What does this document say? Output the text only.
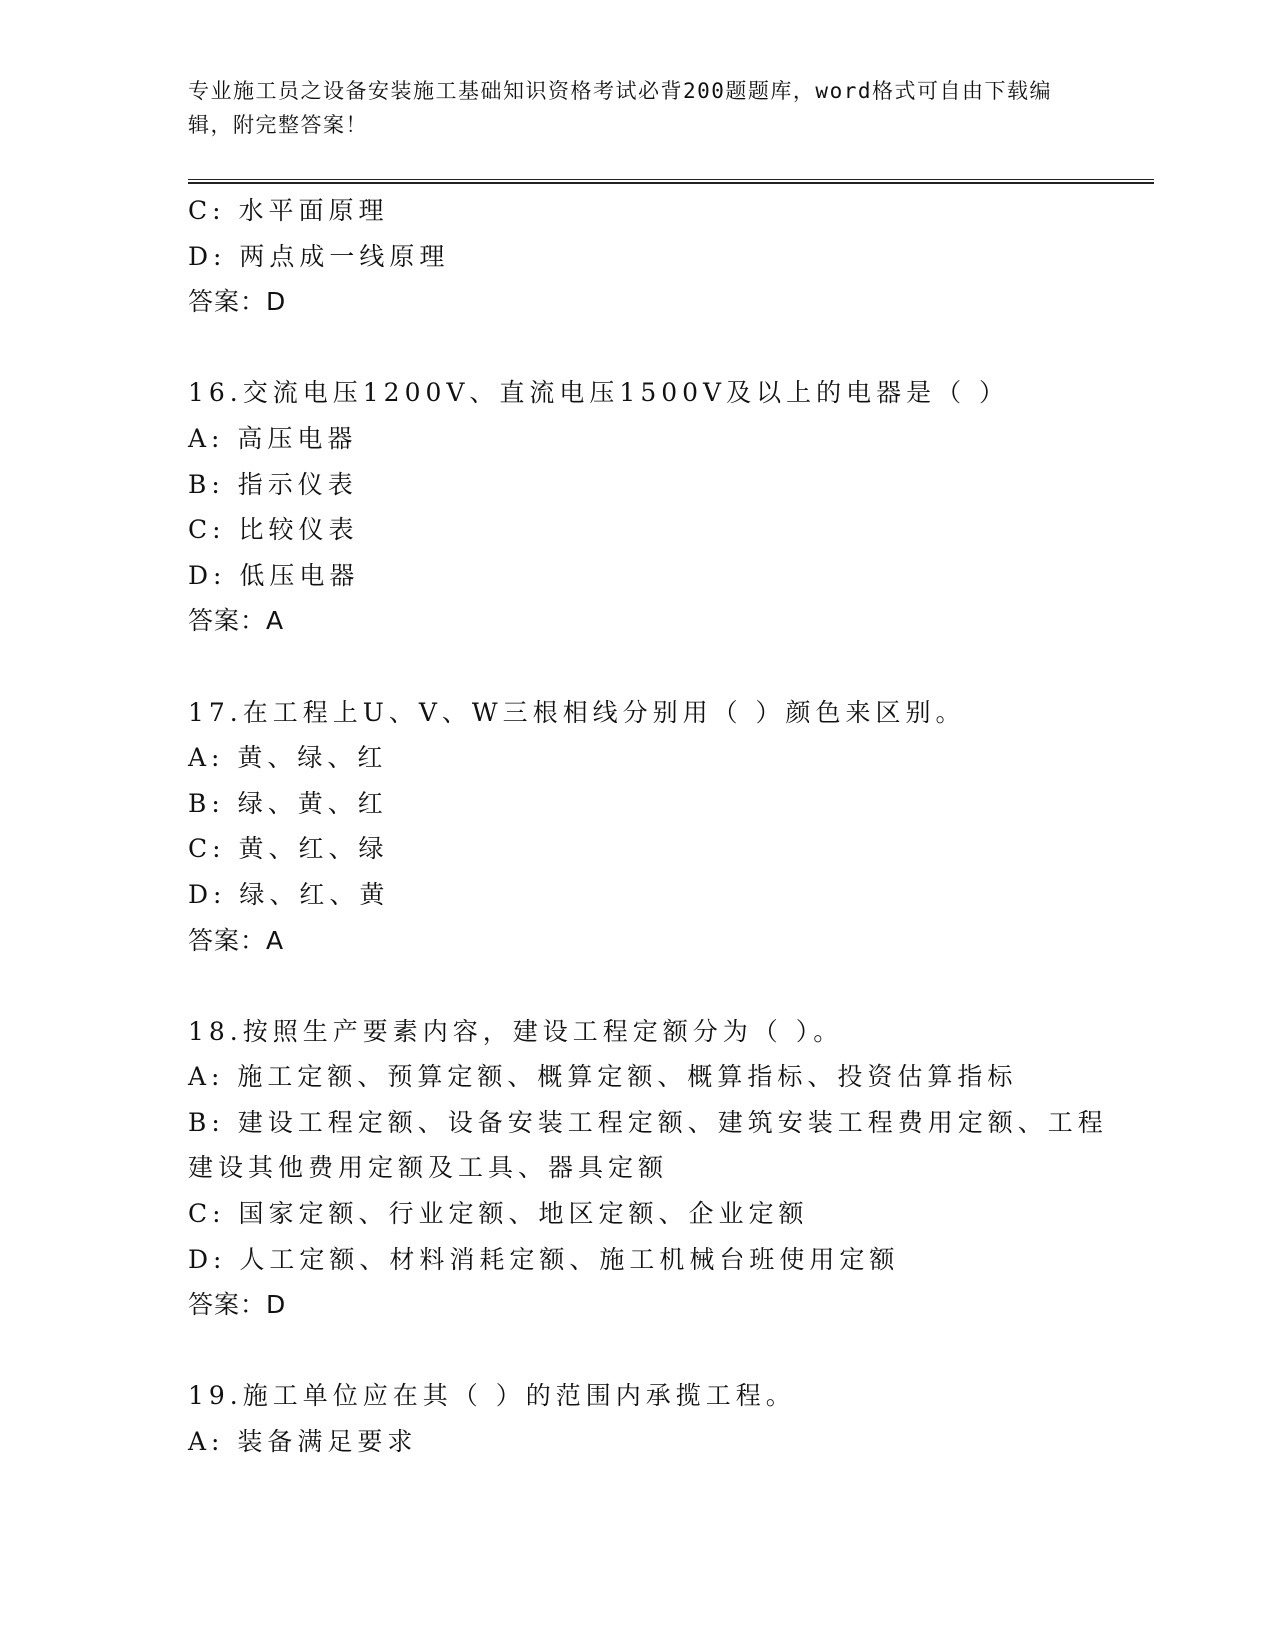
专业施工员之设备安装施工基础知识资格考试必背200题题库，word格式可自由下载编辑，附完整答案！
C: 水平面原理
D: 两点成一线原理
答案：D
16.交流电压1200V、直流电压1500V及以上的电器是（ ）
A: 高压电器
B: 指示仪表
C: 比较仪表
D: 低压电器
答案：A
17.在工程上U、V、W三根相线分别用（ ）颜色来区别。
A: 黄、绿、红
B: 绿、黄、红
C: 黄、红、绿
D: 绿、红、黄
答案：A
18.按照生产要素内容，建设工程定额分为（ ）。
A: 施工定额、预算定额、概算定额、概算指标、投资估算指标
B: 建设工程定额、设备安装工程定额、建筑安装工程费用定额、工程
建设其他费用定额及工具、器具定额
C: 国家定额、行业定额、地区定额、企业定额
D: 人工定额、材料消耗定额、施工机械台班使用定额
答案：D
19.施工单位应在其（ ）的范围内承揽工程。
A: 装备满足要求
